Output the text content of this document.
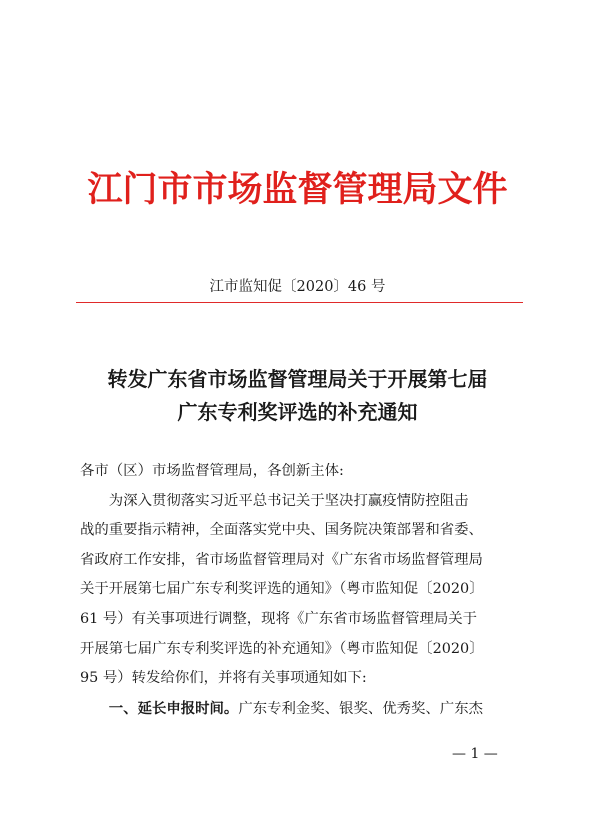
江门市市场监督管理局文件
江市监知促〔2020〕46 号
转发广东省市场监督管理局关于开展第七届
广东专利奖评选的补充通知

各市（区）市场监督管理局，各创新主体:

为深入贯彻落实习近平总书记关于坚决打赢疫情防控阻击
战的重要指示精神，全面落实党中央、国务院决策部署和省委、
省政府工作安排，省市场监督管理局对《广东省市场监督管理局
关于开展第七届广东专利奖评选的通知》（粤市监知促〔2020〕
61 号）有关事项进行调整，现将《广东省市场监督管理局关于
开展第七届广东专利奖评选的补充通知》（粤市监知促〔2020〕
95 号）转发给你们，并将有关事项通知如下:

一、延长申报时间。广东专利金奖、银奖、优秀奖、广东杰

— 1 —
